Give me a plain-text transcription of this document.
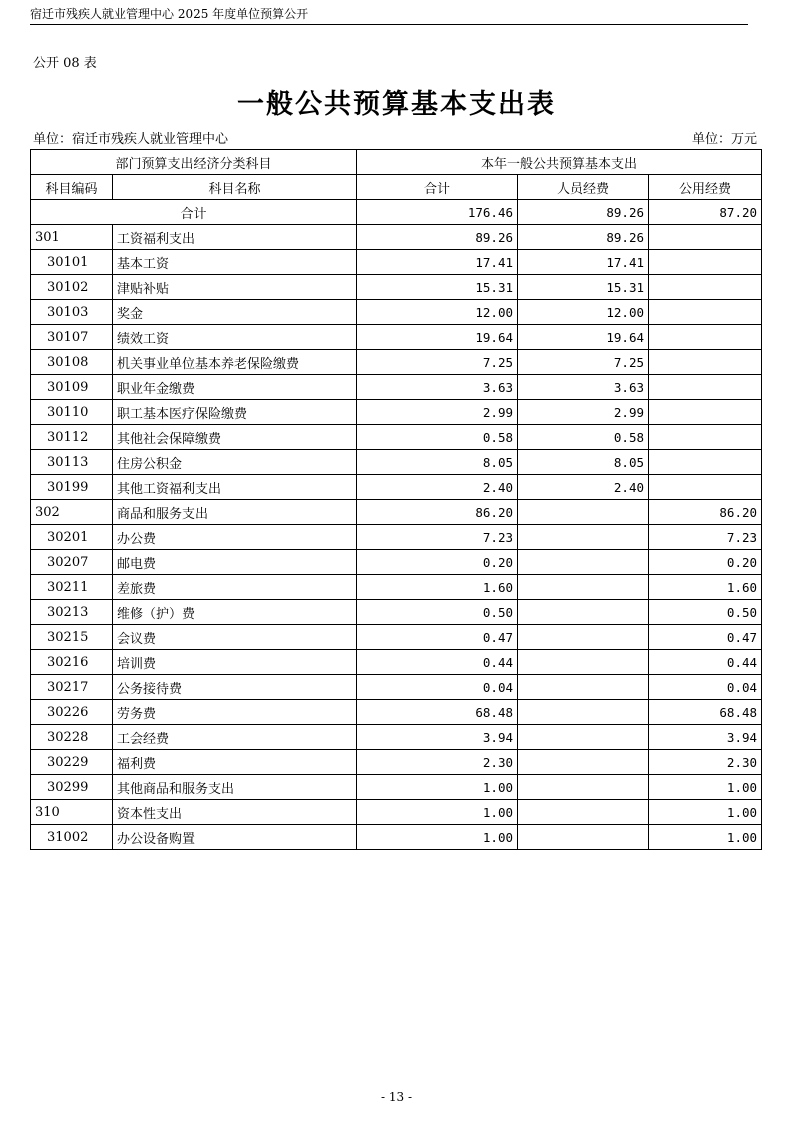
宿迁市残疾人就业管理中心 2025 年度单位预算公开
公开 08 表
一般公共预算基本支出表
单位：宿迁市残疾人就业管理中心	单位：万元
部门预算支出经济分类科目		本年一般公共预算基本支出		
科目编码	科目名称	合计	人员经费	公用经费
合计		176.46	89.26	87.20
301	工资福利支出	89.26	89.26	
30101	基本工资	17.41	17.41	
30102	津贴补贴	15.31	15.31	
30103	奖金	12.00	12.00	
30107	绩效工资	19.64	19.64	
30108	机关事业单位基本养老保险缴费	7.25	7.25	
30109	职业年金缴费	3.63	3.63	
30110	职工基本医疗保险缴费	2.99	2.99	
30112	其他社会保障缴费	0.58	0.58	
30113	住房公积金	8.05	8.05	
30199	其他工资福利支出	2.40	2.40	
302	商品和服务支出	86.20		86.20
30201	办公费	7.23		7.23
30207	邮电费	0.20		0.20
30211	差旅费	1.60		1.60
30213	维修（护）费	0.50		0.50
30215	会议费	0.47		0.47
30216	培训费	0.44		0.44
30217	公务接待费	0.04		0.04
30226	劳务费	68.48		68.48
30228	工会经费	3.94		3.94
30229	福利费	2.30		2.30
30299	其他商品和服务支出	1.00		1.00
310	资本性支出	1.00		1.00
31002	办公设备购置	1.00		1.00
- 13 -
